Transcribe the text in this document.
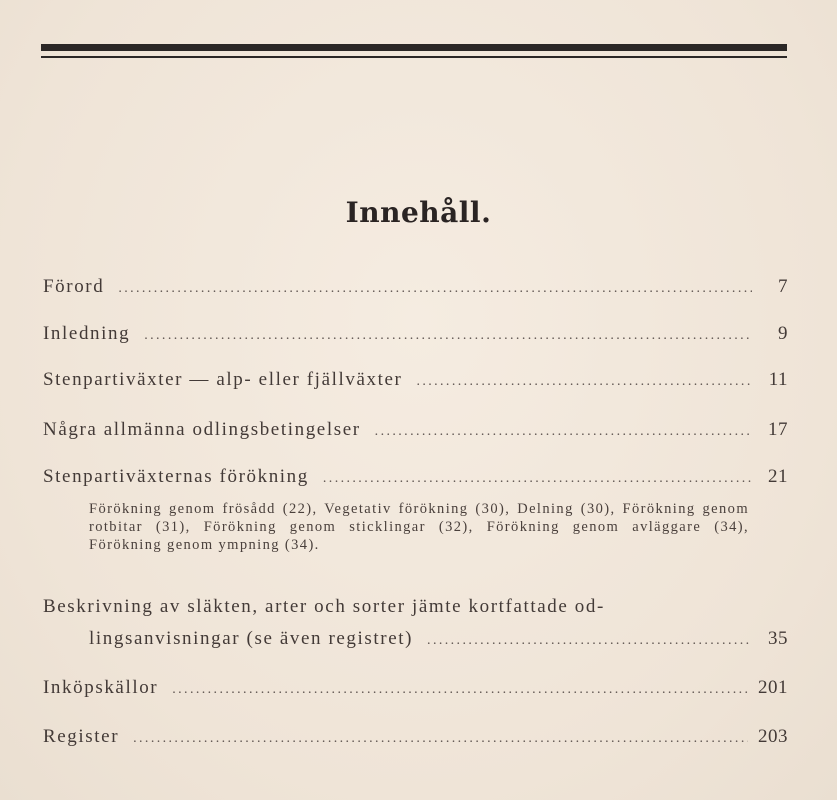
Innehåll.
Förord .....	7
Inledning .....	9
Stenpartiväxter — alp- eller fjällväxter .....	11
Några allmänna odlingsbetingelser .....	17
Stenpartiväxternas förökning .....	21
Förökning genom frösådd (22), Vegetativ förökning (30), Delning (30), Förökning genom rotbitar (31), Förökning genom sticklingar (32), Förökning genom avläggare (34), Förökning genom ympning (34).
Beskrivning av släkten, arter och sorter jämte kortfattade od-
lingsanvisningar (se även registret) .....	35
Inköpskällor .....	201
Register .....	203
